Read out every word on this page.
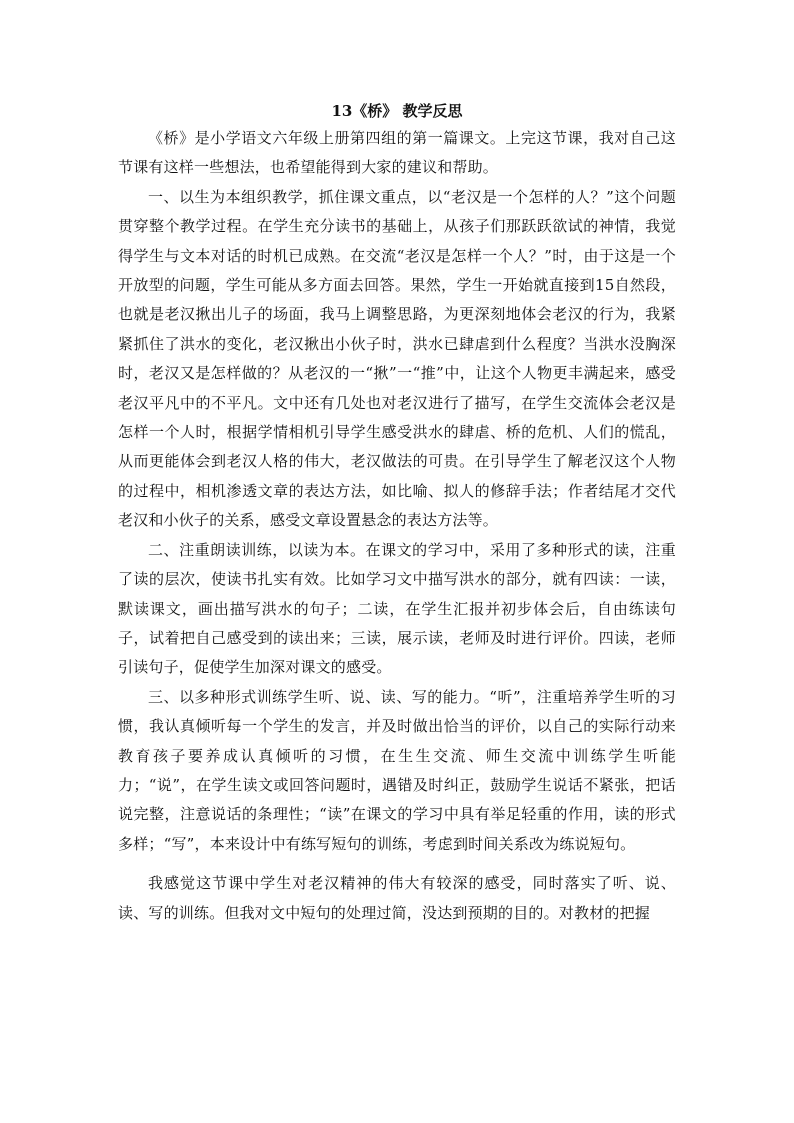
13《桥》 教学反思

《桥》是小学语文六年级上册第四组的第一篇课文。上完这节课，我对自己这节课有这样一些想法，也希望能得到大家的建议和帮助。

一、以生为本组织教学，抓住课文重点，以“老汉是一个怎样的人？”这个问题贯穿整个教学过程。在学生充分读书的基础上，从孩子们那跃跃欲试的神情，我觉得学生与文本对话的时机已成熟。在交流“老汉是怎样一个人？”时，由于这是一个开放型的问题，学生可能从多方面去回答。果然，学生一开始就直接到15自然段，也就是老汉揪出儿子的场面，我马上调整思路，为更深刻地体会老汉的行为，我紧紧抓住了洪水的变化，老汉揪出小伙子时，洪水已肆虐到什么程度？当洪水没胸深时，老汉又是怎样做的？从老汉的一“揪”一“推”中，让这个人物更丰满起来，感受老汉平凡中的不平凡。文中还有几处也对老汉进行了描写，在学生交流体会老汉是怎样一个人时，根据学情相机引导学生感受洪水的肆虐、桥的危机、人们的慌乱，从而更能体会到老汉人格的伟大，老汉做法的可贵。在引导学生了解老汉这个人物的过程中，相机渗透文章的表达方法，如比喻、拟人的修辞手法；作者结尾才交代老汉和小伙子的关系，感受文章设置悬念的表达方法等。

二、注重朗读训练，以读为本。在课文的学习中，采用了多种形式的读，注重了读的层次，使读书扎实有效。比如学习文中描写洪水的部分，就有四读：一读，默读课文，画出描写洪水的句子；二读，在学生汇报并初步体会后，自由练读句子，试着把自己感受到的读出来；三读，展示读，老师及时进行评价。四读，老师引读句子，促使学生加深对课文的感受。

三、以多种形式训练学生听、说、读、写的能力。“听”，注重培养学生听的习惯，我认真倾听每一个学生的发言，并及时做出恰当的评价，以自己的实际行动来教育孩子要养成认真倾听的习惯，在生生交流、师生交流中训练学生听能力；“说”，在学生读文或回答问题时，遇错及时纠正，鼓励学生说话不紧张，把话说完整，注意说话的条理性；“读”在课文的学习中具有举足轻重的作用，读的形式多样；“写”，本来设计中有练写短句的训练，考虑到时间关系改为练说短句。

我感觉这节课中学生对老汉精神的伟大有较深的感受，同时落实了听、说、读、写的训练。但我对文中短句的处理过简，没达到预期的目的。对教材的把握
